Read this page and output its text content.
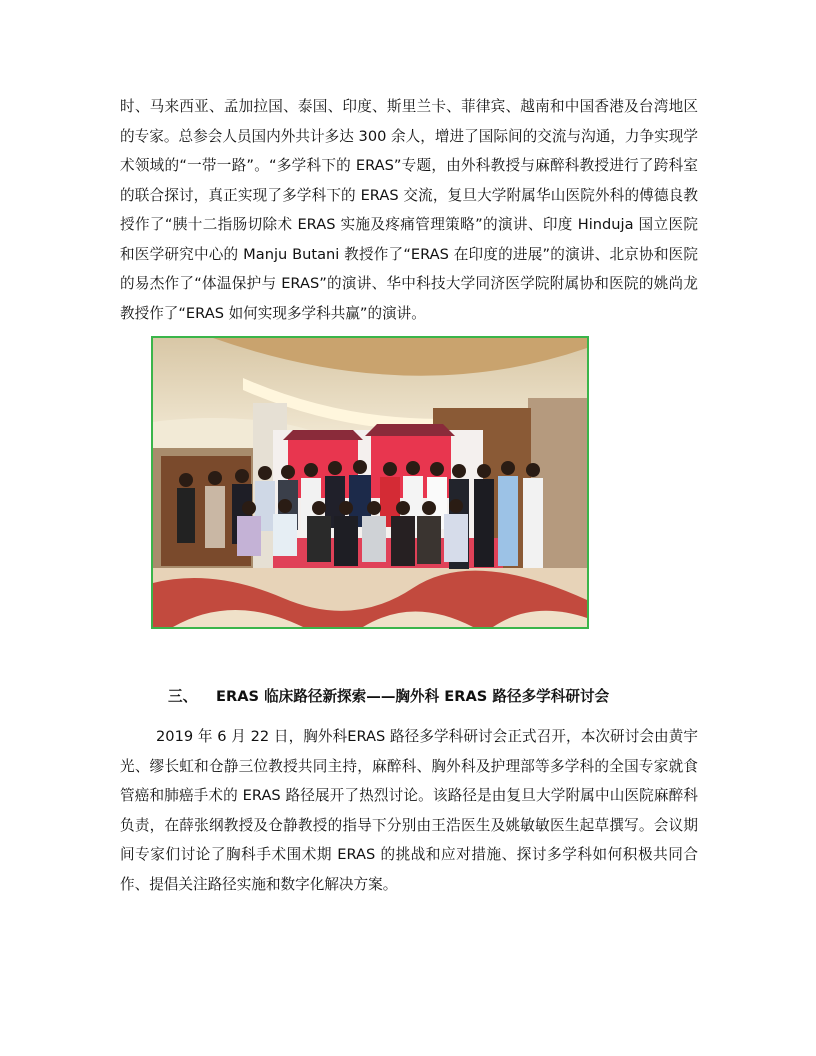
时、马来西亚、孟加拉国、泰国、印度、斯里兰卡、菲律宾、越南和中国香港及台湾地区的专家。总参会人员国内外共计多达 300 余人，增进了国际间的交流与沟通，力争实现学术领域的“一带一路”。“多学科下的 ERAS”专题，由外科教授与麻醉科教授进行了跨科室的联合探讨，真正实现了多学科下的 ERAS 交流，复旦大学附属华山医院外科的傅德良教授作了“胰十二指肠切除术 ERAS 实施及疼痛管理策略”的演讲、印度 Hinduja 国立医院和医学研究中心的 Manju Butani 教授作了“ERAS 在印度的进展”的演讲、北京协和医院的易杰作了“体温保护与 ERAS”的演讲、华中科技大学同济医学院附属协和医院的姚尚龙教授作了“ERAS 如何实现多学科共赢”的演讲。

三、 ERAS 临床路径新探索——胸外科 ERAS 路径多学科研讨会

2019 年 6 月 22 日，胸外科ERAS 路径多学科研讨会正式召开，本次研讨会由黄宇光、缪长虹和仓静三位教授共同主持，麻醉科、胸外科及护理部等多学科的全国专家就食管癌和肺癌手术的 ERAS 路径展开了热烈讨论。该路径是由复旦大学附属中山医院麻醉科负责，在薛张纲教授及仓静教授的指导下分别由王浩医生及姚敏敏医生起草撰写。会议期间专家们讨论了胸科手术围术期 ERAS 的挑战和应对措施、探讨多学科如何积极共同合作、提倡关注路径实施和数字化解决方案。
